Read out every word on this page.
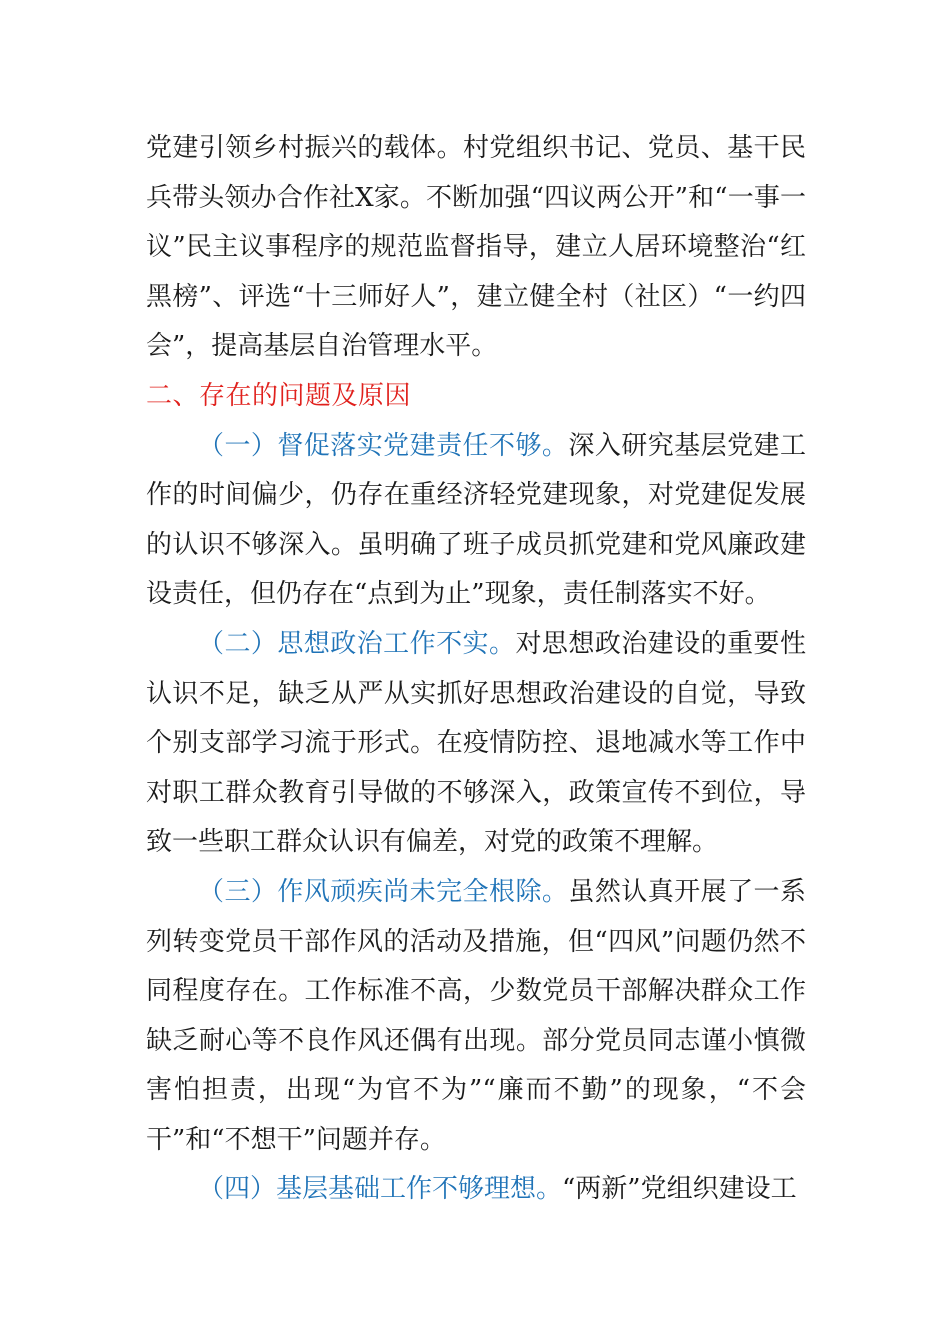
党建引领乡村振兴的载体。村党组织书记、党员、基干民兵带头领办合作社X家。不断加强“四议两公开”和“一事一议”民主议事程序的规范监督指导，建立人居环境整治“红黑榜”、评选“十三师好人”，建立健全村（社区）“一约四会”，提高基层自治管理水平。

二、存在的问题及原因

（一）督促落实党建责任不够。深入研究基层党建工作的时间偏少，仍存在重经济轻党建现象，对党建促发展的认识不够深入。虽明确了班子成员抓党建和党风廉政建设责任，但仍存在“点到为止”现象，责任制落实不好。

（二）思想政治工作不实。对思想政治建设的重要性认识不足，缺乏从严从实抓好思想政治建设的自觉，导致个别支部学习流于形式。在疫情防控、退地减水等工作中对职工群众教育引导做的不够深入，政策宣传不到位，导致一些职工群众认识有偏差，对党的政策不理解。

（三）作风顽疾尚未完全根除。虽然认真开展了一系列转变党员干部作风的活动及措施，但“四风”问题仍然不同程度存在。工作标准不高，少数党员干部解决群众工作缺乏耐心等不良作风还偶有出现。部分党员同志谨小慎微害怕担责，出现“为官不为”“廉而不勤”的现象，“不会干”和“不想干”问题并存。

（四）基层基础工作不够理想。“两新”党组织建设工
